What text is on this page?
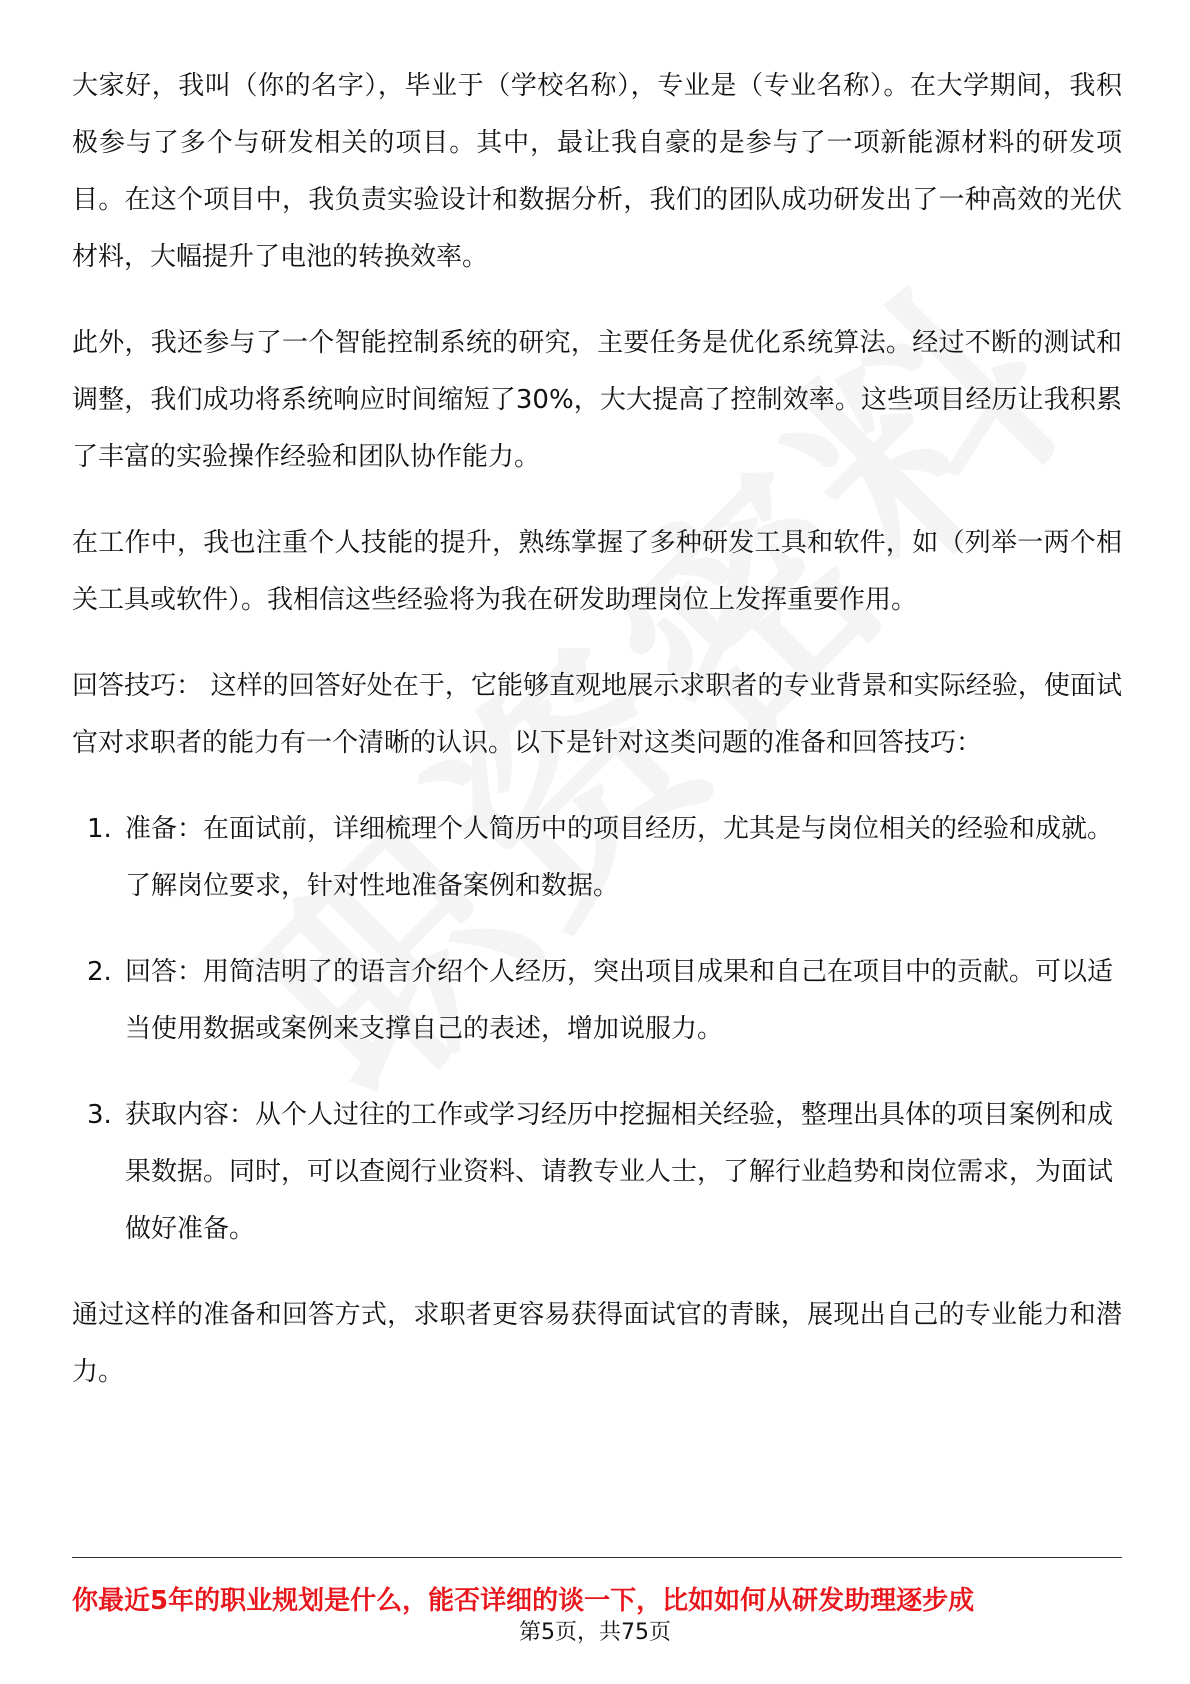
大家好，我叫（你的名字），毕业于（学校名称），专业是（专业名称）。在大学期间，我积极参与了多个与研发相关的项目。其中，最让我自豪的是参与了一项新能源材料的研发项目。在这个项目中，我负责实验设计和数据分析，我们的团队成功研发出了一种高效的光伏材料，大幅提升了电池的转换效率。

此外，我还参与了一个智能控制系统的研究，主要任务是优化系统算法。经过不断的测试和调整，我们成功将系统响应时间缩短了30%，大大提高了控制效率。这些项目经历让我积累了丰富的实验操作经验和团队协作能力。

在工作中，我也注重个人技能的提升，熟练掌握了多种研发工具和软件，如（列举一两个相关工具或软件）。我相信这些经验将为我在研发助理岗位上发挥重要作用。

回答技巧： 这样的回答好处在于，它能够直观地展示求职者的专业背景和实际经验，使面试官对求职者的能力有一个清晰的认识。以下是针对这类问题的准备和回答技巧：

1. 准备：在面试前，详细梳理个人简历中的项目经历，尤其是与岗位相关的经验和成就。了解岗位要求，针对性地准备案例和数据。
2. 回答：用简洁明了的语言介绍个人经历，突出项目成果和自己在项目中的贡献。可以适当使用数据或案例来支撑自己的表述，增加说服力。
3. 获取内容：从个人过往的工作或学习经历中挖掘相关经验，整理出具体的项目案例和成果数据。同时，可以查阅行业资料、请教专业人士，了解行业趋势和岗位需求，为面试做好准备。

通过这样的准备和回答方式，求职者更容易获得面试官的青睐，展现出自己的专业能力和潜力。

你最近5年的职业规划是什么，能否详细的谈一下，比如如何从研发助理逐步成
第5页，共75页
